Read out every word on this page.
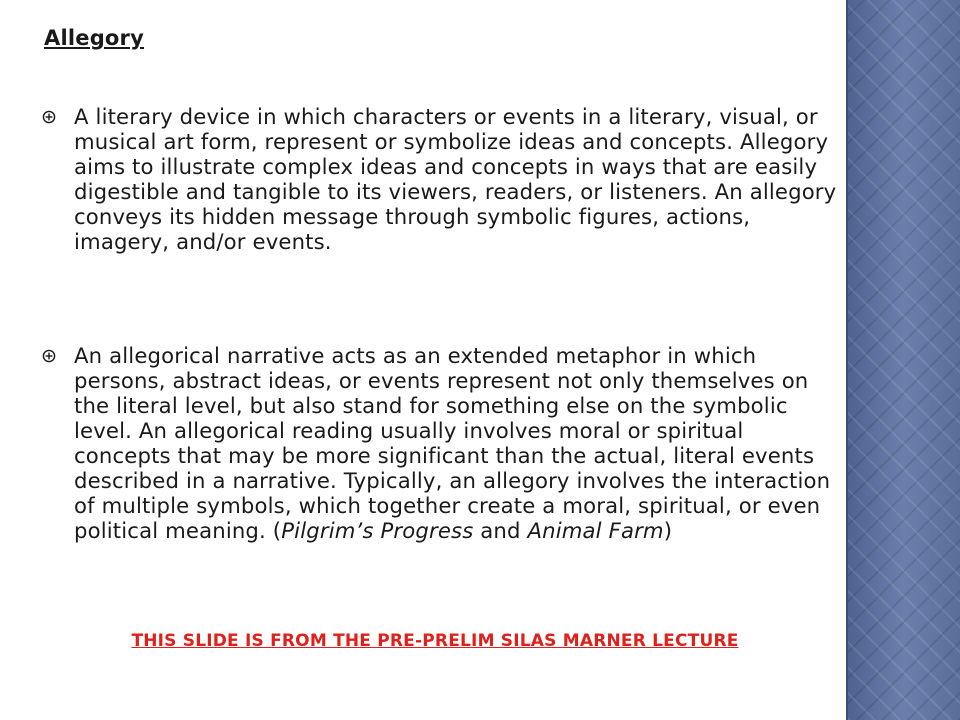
Allegory
A literary device in which characters or events in a literary, visual, or musical art form, represent or symbolize ideas and concepts. Allegory aims to illustrate complex ideas and concepts in ways that are easily digestible and tangible to its viewers, readers, or listeners. An allegory conveys its hidden message through symbolic figures, actions, imagery, and/or events.
An allegorical narrative acts as an extended metaphor in which persons, abstract ideas, or events represent not only themselves on the literal level, but also stand for something else on the symbolic level. An allegorical reading usually involves moral or spiritual concepts that may be more significant than the actual, literal events described in a narrative. Typically, an allegory involves the interaction of multiple symbols, which together create a moral, spiritual, or even political meaning. (Pilgrim’s Progress and Animal Farm)
THIS SLIDE IS FROM THE PRE-PRELIM SILAS MARNER LECTURE
